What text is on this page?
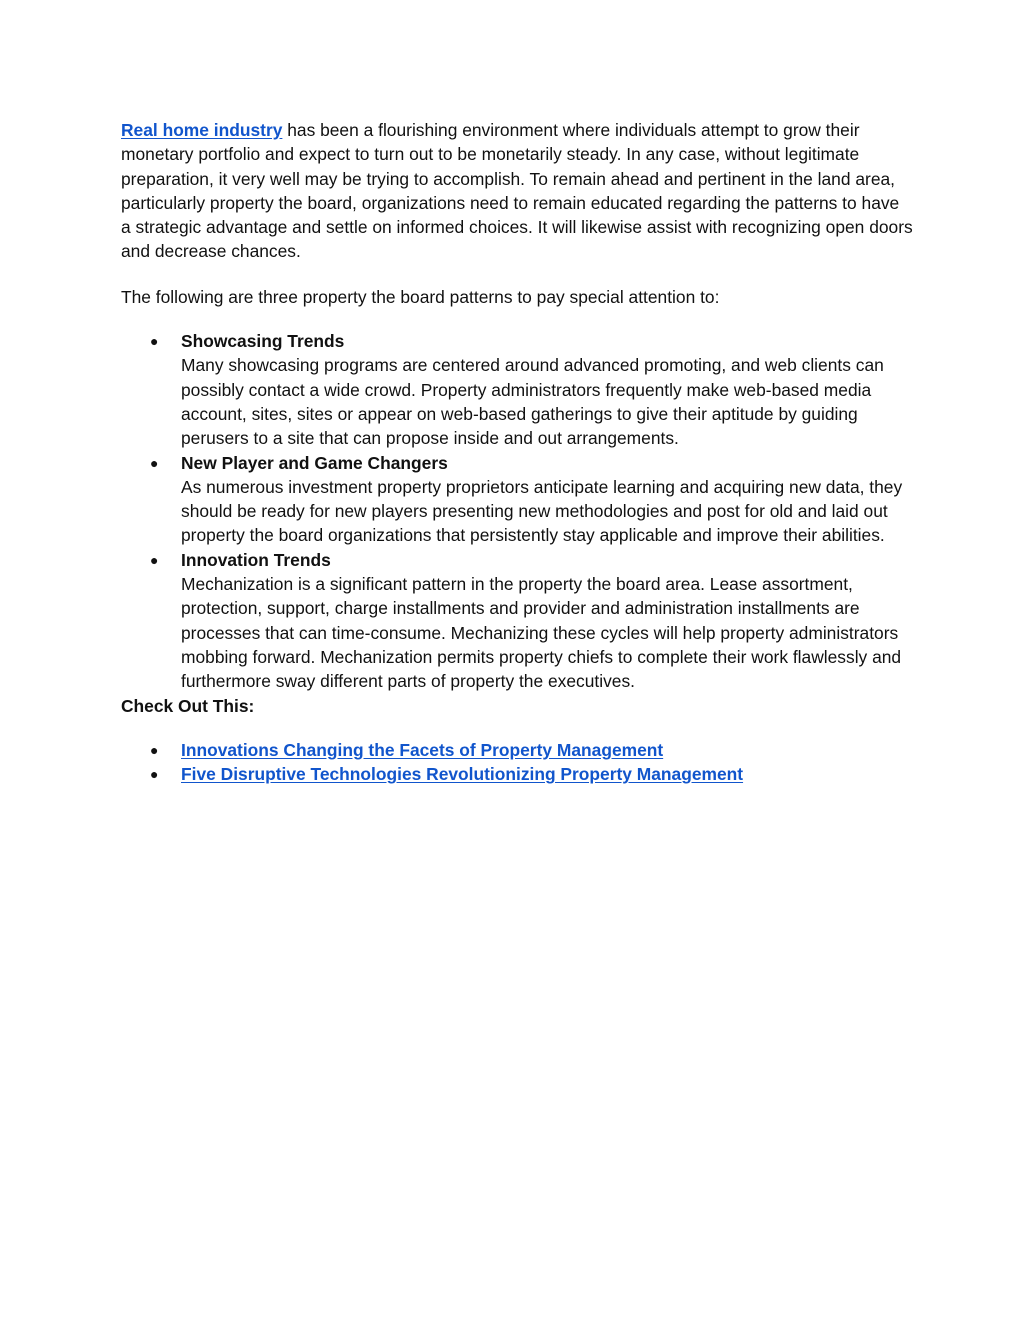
Real home industry has been a flourishing environment where individuals attempt to grow their monetary portfolio and expect to turn out to be monetarily steady. In any case, without legitimate preparation, it very well may be trying to accomplish. To remain ahead and pertinent in the land area, particularly property the board, organizations need to remain educated regarding the patterns to have a strategic advantage and settle on informed choices. It will likewise assist with recognizing open doors and decrease chances.

The following are three property the board patterns to pay special attention to:

● Showcasing Trends
Many showcasing programs are centered around advanced promoting, and web clients can possibly contact a wide crowd. Property administrators frequently make web-based media account, sites, sites or appear on web-based gatherings to give their aptitude by guiding perusers to a site that can propose inside and out arrangements.
● New Player and Game Changers
As numerous investment property proprietors anticipate learning and acquiring new data, they should be ready for new players presenting new methodologies and post for old and laid out property the board organizations that persistently stay applicable and improve their abilities.
● Innovation Trends
Mechanization is a significant pattern in the property the board area. Lease assortment, protection, support, charge installments and provider and administration installments are processes that can time-consume. Mechanizing these cycles will help property administrators mobbing forward. Mechanization permits property chiefs to complete their work flawlessly and furthermore sway different parts of property the executives.

Check Out This:

● Innovations Changing the Facets of Property Management
● Five Disruptive Technologies Revolutionizing Property Management
